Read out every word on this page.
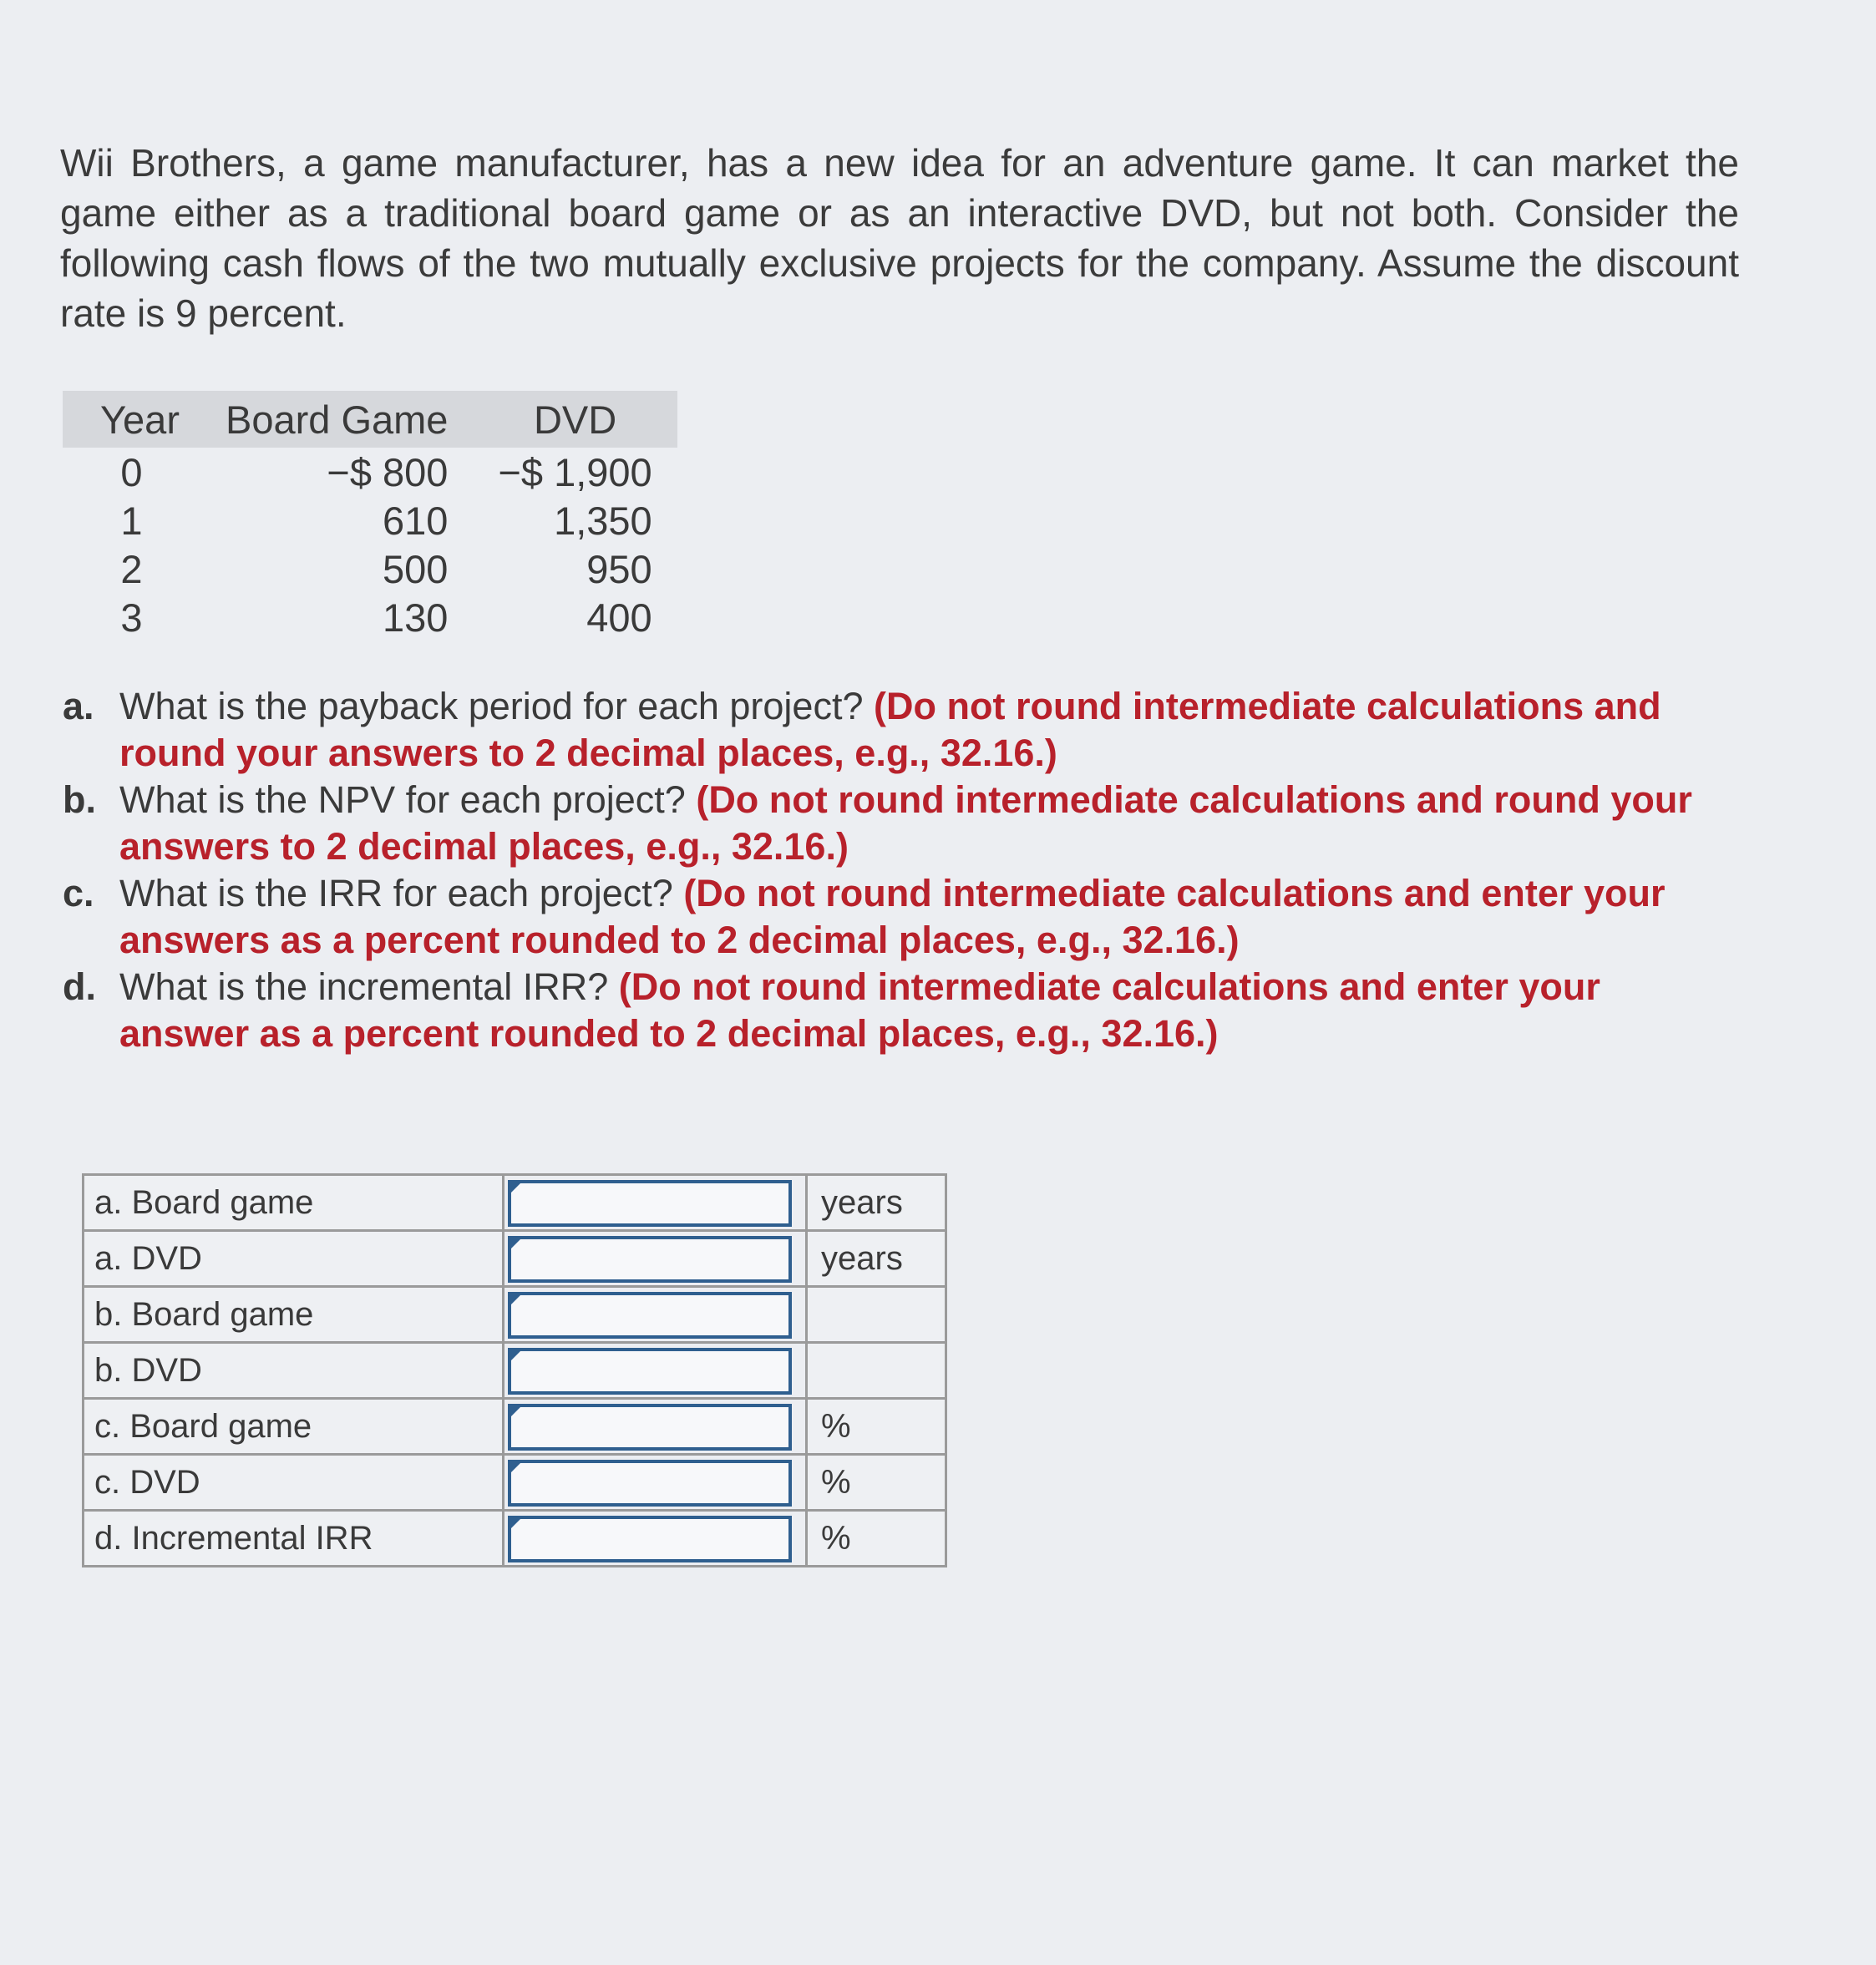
Wii Brothers, a game manufacturer, has a new idea for an adventure game. It can market the game either as a traditional board game or as an interactive DVD, but not both. Consider the following cash flows of the two mutually exclusive projects for the company. Assume the discount rate is 9 percent.

Year	Board Game	DVD
0	−$ 800	−$ 1,900
1	610	1,350
2	500	950
3	130	400
a. What is the payback period for each project? (Do not round intermediate calculations and round your answers to 2 decimal places, e.g., 32.16.)
b. What is the NPV for each project? (Do not round intermediate calculations and round your answers to 2 decimal places, e.g., 32.16.)
c. What is the IRR for each project? (Do not round intermediate calculations and enter your answers as a percent rounded to 2 decimal places, e.g., 32.16.)
d. What is the incremental IRR? (Do not round intermediate calculations and enter your answer as a percent rounded to 2 decimal places, e.g., 32.16.)
a. Board game		years
a. DVD		years
b. Board game	

b. DVD	

c. Board game		%
c. DVD		%
d. Incremental IRR		%
